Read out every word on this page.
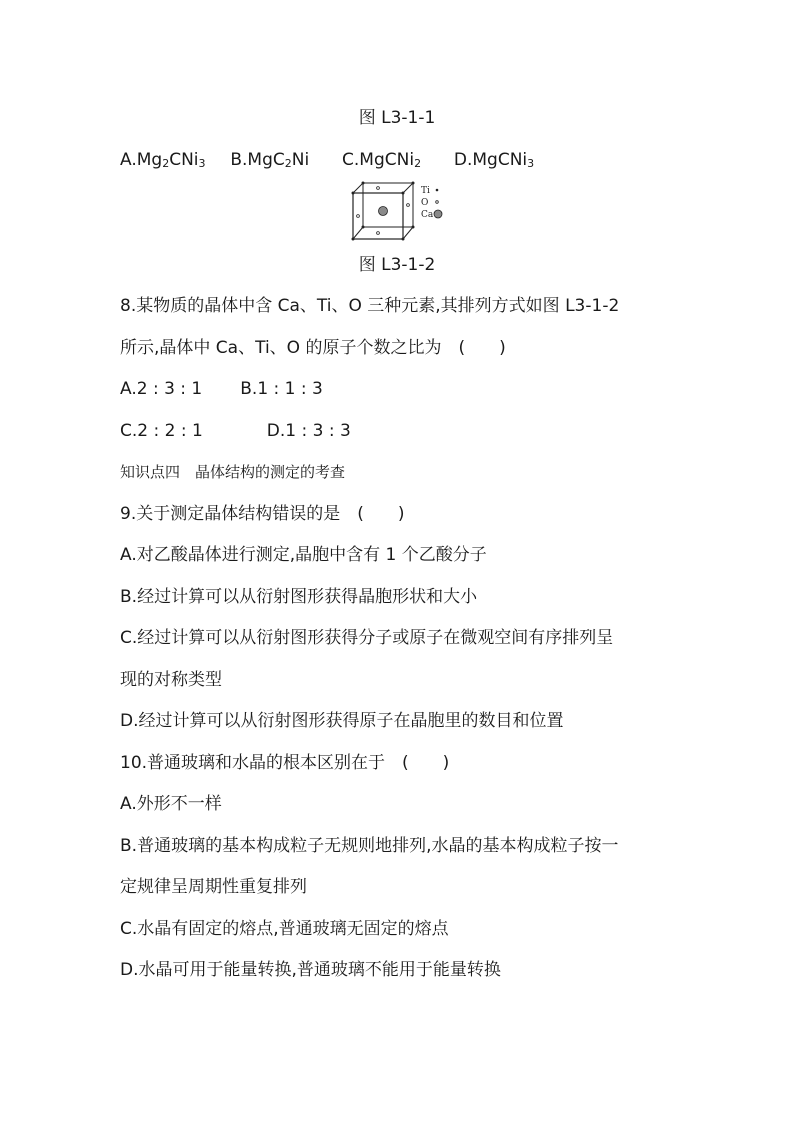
图 L3-1-1
$A.Mg_2CNi_3$ B.MgC$_2$Ni C.MgCNi$_2$ D.MgCNi$_3$
Ti
O
Ca
图 L3-1-2
8.某物质的晶体中含 Ca、Ti、O 三种元素,其排列方式如图 L3-1-2
所示,晶体中 Ca、Ti、O 的原子个数之比为　(　　)
A.2 : 3 : 1 B.1 : 1 : 3
C.2 : 2 : 1	D.1 : 3 : 3
知识点四　晶体结构的测定的考查
9.关于测定晶体结构错误的是　(　　)
A.对乙酸晶体进行测定,晶胞中含有 1 个乙酸分子
B.经过计算可以从衍射图形获得晶胞形状和大小
C.经过计算可以从衍射图形获得分子或原子在微观空间有序排列呈
现的对称类型
D.经过计算可以从衍射图形获得原子在晶胞里的数目和位置
10.普通玻璃和水晶的根本区别在于　(　　)
A.外形不一样
B.普通玻璃的基本构成粒子无规则地排列,水晶的基本构成粒子按一
定规律呈周期性重复排列
C.水晶有固定的熔点,普通玻璃无固定的熔点
D.水晶可用于能量转换,普通玻璃不能用于能量转换
